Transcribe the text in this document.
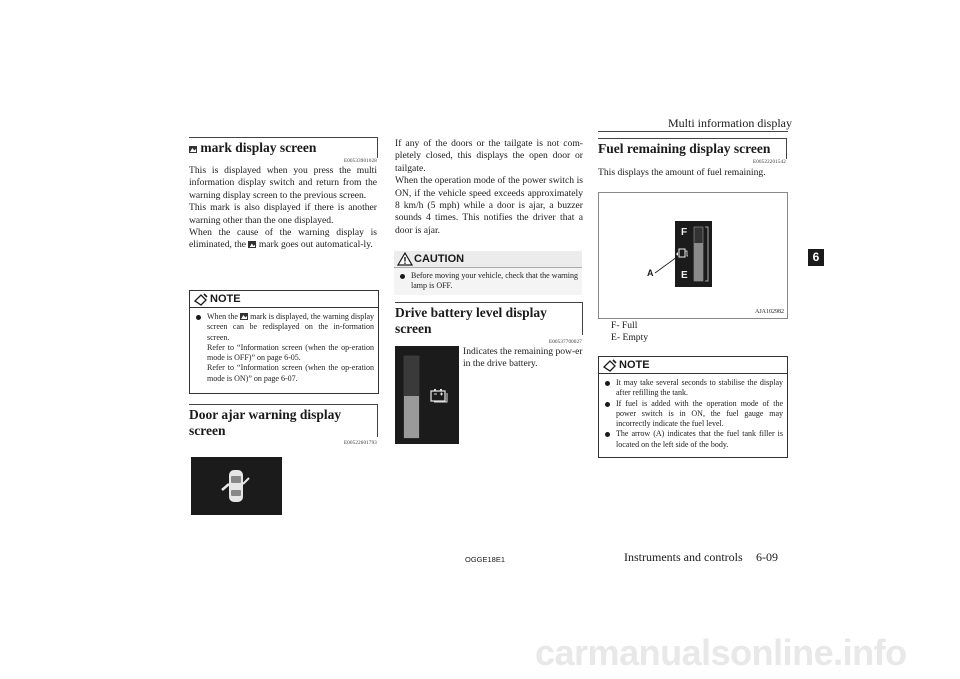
Multi information display
6

mark display screen

E00533901028

This is displayed when you press the multi information display switch and return from the warning display screen to the previous screen.

This mark is also displayed if there is another warning other than the one displayed.

When the cause of the warning display is eliminated, the mark goes out automatical-ly.

NOTE
When the mark is displayed, the warning display screen can be redisplayed on the in-formation screen.
Refer to “Information screen (when the op-eration mode is OFF)” on page 6-05.
Refer to “Information screen (when the op-eration mode is ON)” on page 6-07.

Door ajar warning display screen

E00522601793

If any of the doors or the tailgate is not com-pletely closed, this displays the open door or tailgate.

When the operation mode of the power switch is ON, if the vehicle speed exceeds approximately 8 km/h (5 mph) while a door is ajar, a buzzer sounds 4 times. This notifies the driver that a door is ajar.

CAUTION
Before moving your vehicle, check that the warning lamp is OFF.

Drive battery level display screen

E00537700027
Indicates the remaining pow-er in the drive battery.

Fuel remaining display screen

E00522201542
This displays the amount of fuel remaining.
F
E
A
AJA102982
F- Full
E- Empty
NOTE
It may take several seconds to stabilise the display after refilling the tank.
If fuel is added with the operation mode of the power switch is in ON, the fuel gauge may incorrectly indicate the fuel level.
The arrow (A) indicates that the fuel tank filler is located on the left side of the body.
OGGE18E1	Instruments and controls 6-09
carmanualsonline.info
